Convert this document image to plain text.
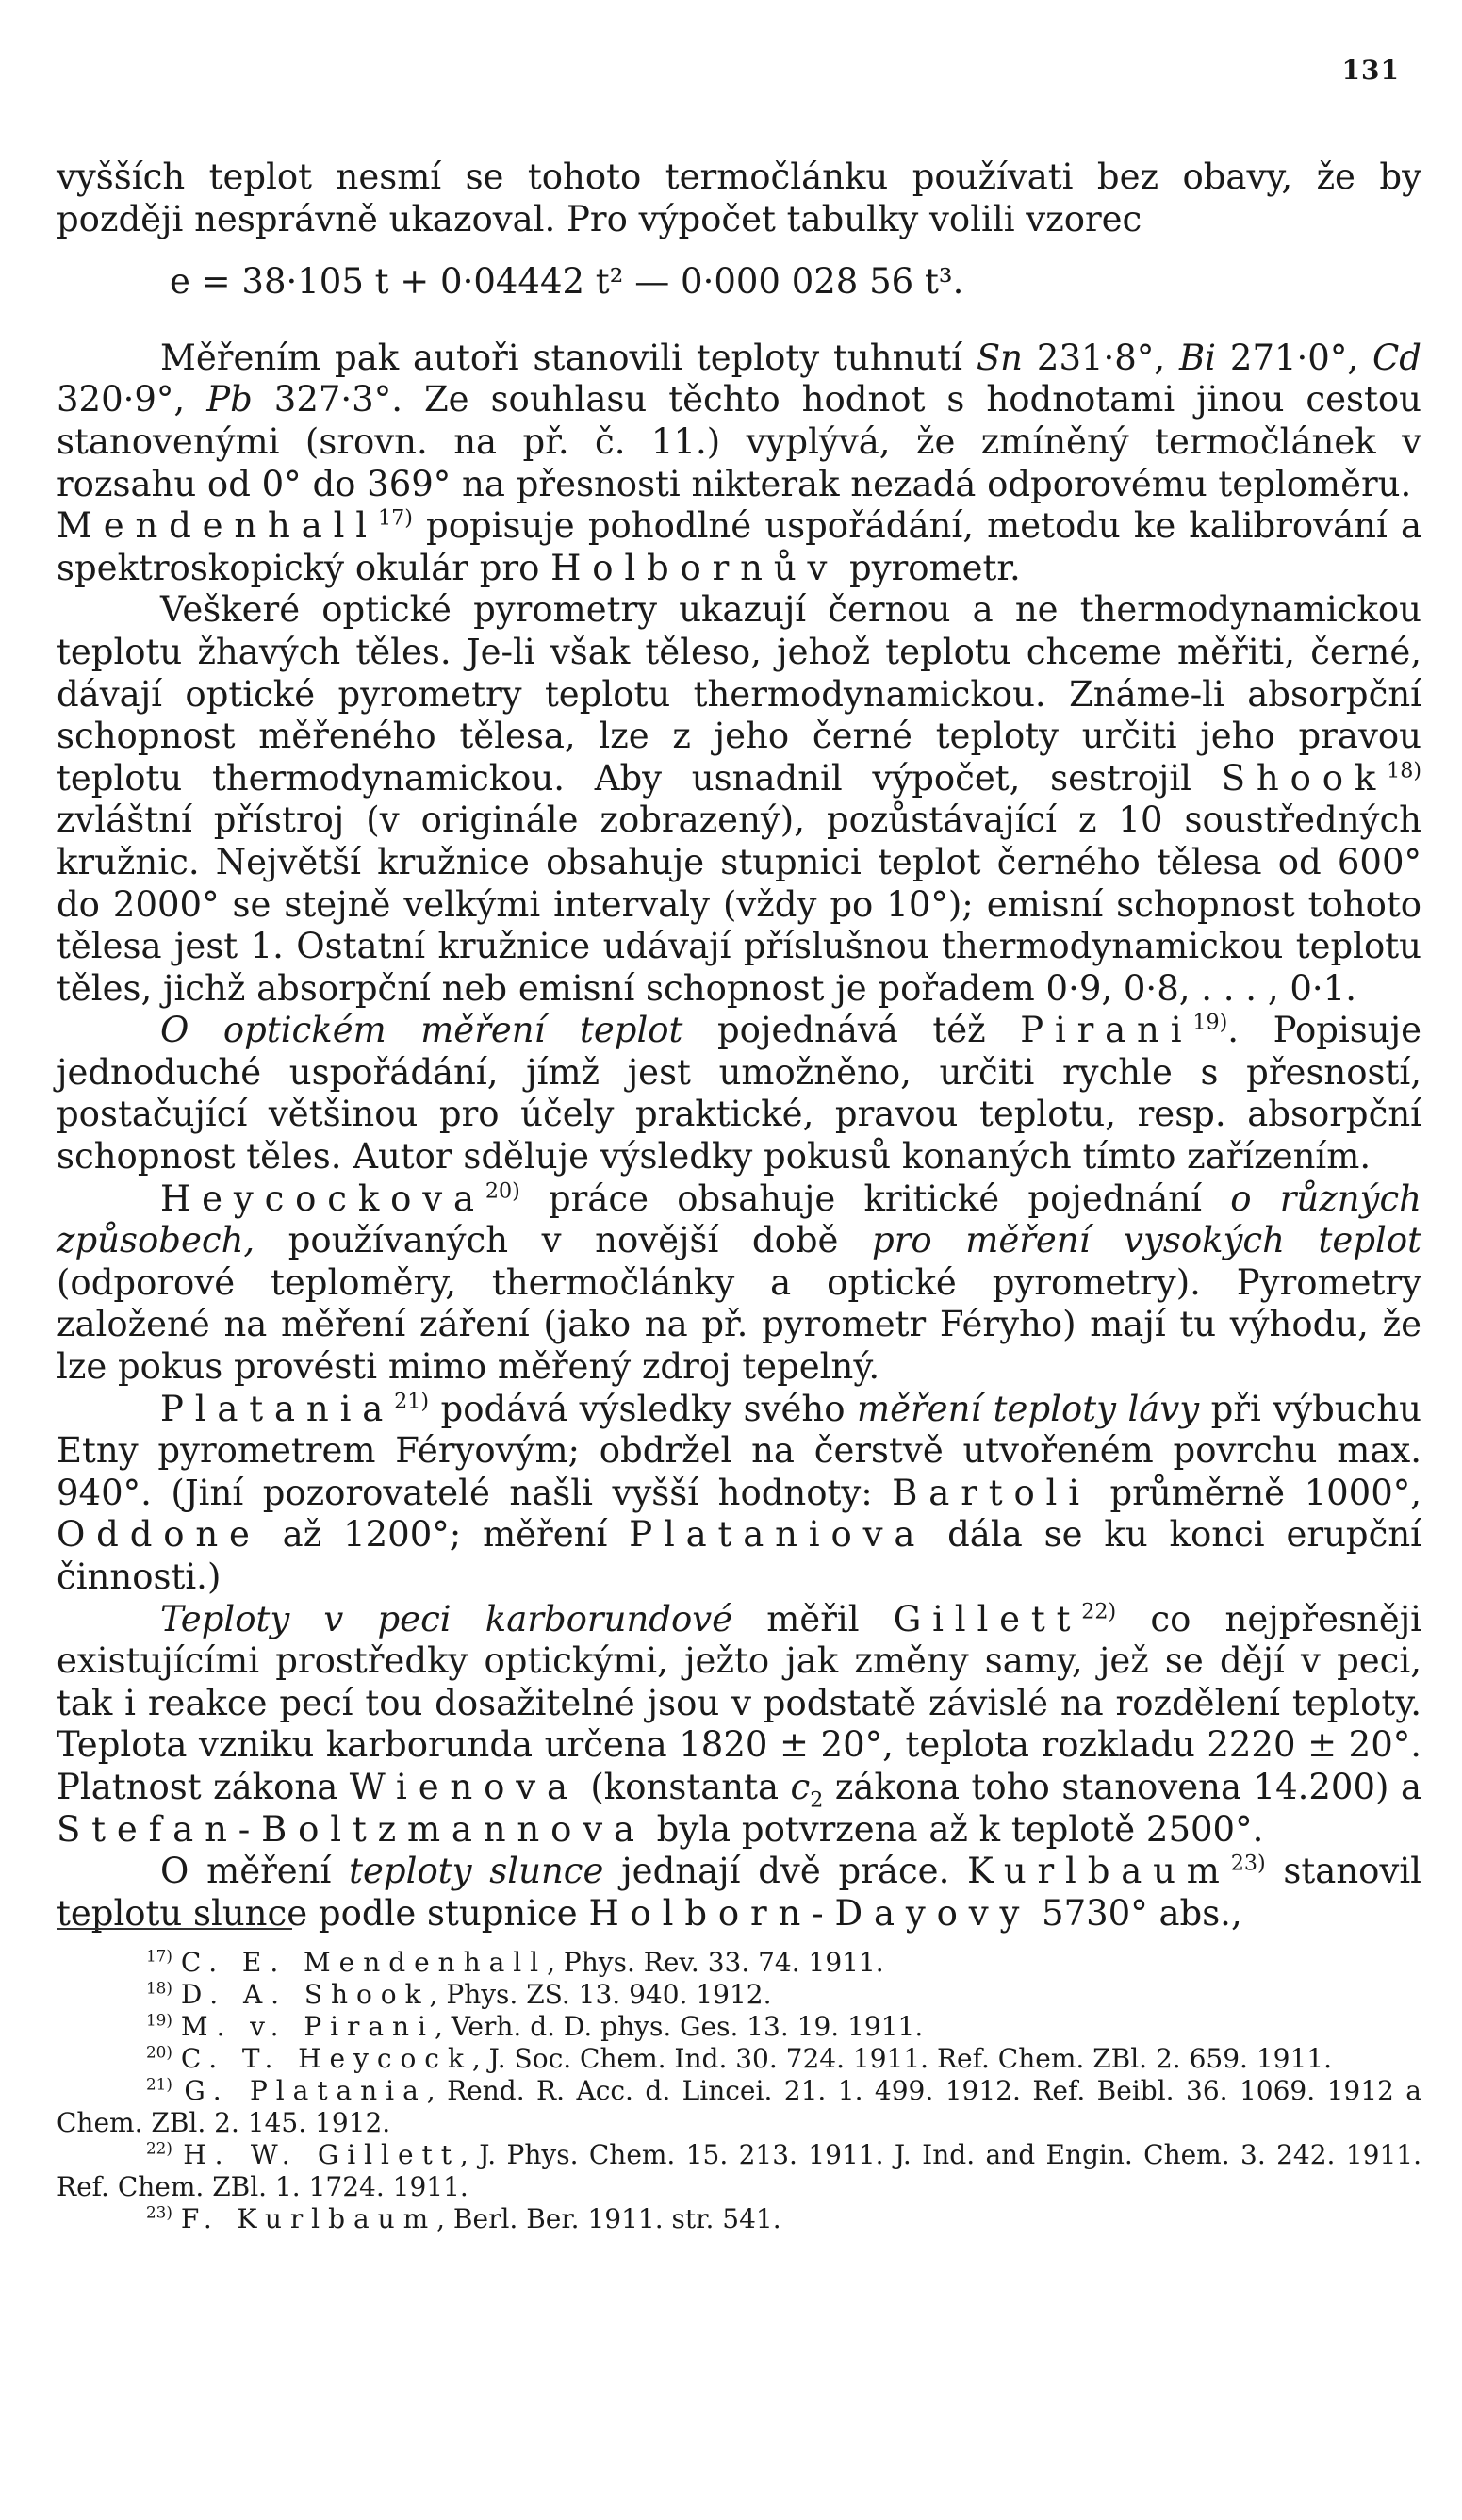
131

vyšších teplot nesmí se tohoto termočlánku používati bez obavy, že by později nesprávně ukazoval. Pro výpočet tabulky volili vzorec

e = 38·105 t + 0·04442 t² — 0·000 028 56 t³.

Měřením pak autoři stanovili teploty tuhnutí Sn 231·8°, Bi 271·0°, Cd 320·9°, Pb 327·3°. Ze souhlasu těchto hodnot s hodnotami jinou cestou stanovenými (srovn. na př. č. 11.) vyplývá, že zmíněný termočlánek v rozsahu od 0° do 369° na přesnosti nikterak nezadá odporovému teploměru.

Mendenhall$^{17)}$ popisuje pohodlné uspořádání, metodu ke kalibrování a spektroskopický okulár pro Holbornův pyrometr.

Veškeré optické pyrometry ukazují černou a ne thermodynamickou teplotu žhavých těles. Je-li však těleso, jehož teplotu chceme měřiti, černé, dávají optické pyrometry teplotu thermodynamickou. Známe-li absorpční schopnost měřeného tělesa, lze z jeho černé teploty určiti jeho pravou teplotu thermodynamickou. Aby usnadnil výpočet, sestrojil Shook$^{18)}$ zvláštní přístroj (v originále zobrazený), pozůstávající z 10 soustředných kružnic. Největší kružnice obsahuje stupnici teplot černého tělesa od 600° do 2000° se stejně velkými intervaly (vždy po 10°); emisní schopnost tohoto tělesa jest 1. Ostatní kružnice udávají příslušnou thermodynamickou teplotu těles, jichž absorpční neb emisní schopnost je pořadem 0·9, 0·8, . . . , 0·1.

O optickém měření teplot pojednává též Pirani$^{19)}$. Popisuje jednoduché uspořádání, jímž jest umožněno, určiti rychle s přesností, postačující většinou pro účely praktické, pravou teplotu, resp. absorpční schopnost těles. Autor sděluje výsledky pokusů konaných tímto zařízením.

Heycockova$^{20)}$ práce obsahuje kritické pojednání o různých způsobech, používaných v novější době pro měření vysokých teplot (odporové teploměry, thermočlánky a optické pyrometry). Pyrometry založené na měření záření (jako na př. pyrometr Féryho) mají tu výhodu, že lze pokus provésti mimo měřený zdroj tepelný.

Platania$^{21)}$ podává výsledky svého měření teploty lávy při výbuchu Etny pyrometrem Féryovým; obdržel na čerstvě utvořeném povrchu max. 940°. (Jiní pozorovatelé našli vyšší hodnoty: Bartoli průměrně 1000°, Oddone až 1200°; měření Plataniova dála se ku konci erupční činnosti.)

Teploty v peci karborundové měřil Gillett$^{22)}$ co nejpřesněji existujícími prostředky optickými, ježto jak změny samy, jež se dějí v peci, tak i reakce pecí tou dosažitelné jsou v podstatě závislé na rozdělení teploty. Teplota vzniku karborunda určena 1820 ± 20°, teplota rozkladu 2220 ± 20°. Platnost zákona Wienova (konstanta $c_2$ zákona toho stanovena 14.200) a Stefan-Boltzmannova byla potvrzena až k teplotě 2500°.

O měření teploty slunce jednají dvě práce. Kurlbaum$^{23)}$ stanovil teplotu slunce podle stupnice Holborn-Dayovy 5730° abs.,

$^{17)}$ C. E. Mendenhall, Phys. Rev. 33. 74. 1911.

$^{18)}$ D. A. Shook, Phys. ZS. 13. 940. 1912.

$^{19)}$ M. v. Pirani, Verh. d. D. phys. Ges. 13. 19. 1911.

$^{20)}$ C. T. Heycock, J. Soc. Chem. Ind. 30. 724. 1911. Ref. Chem. ZBl. 2. 659. 1911.

$^{21)}$ G. Platania, Rend. R. Acc. d. Lincei. 21. 1. 499. 1912. Ref. Beibl. 36. 1069. 1912 a Chem. ZBl. 2. 145. 1912.

$^{22)}$ H. W. Gillett, J. Phys. Chem. 15. 213. 1911. J. Ind. and Engin. Chem. 3. 242. 1911. Ref. Chem. ZBl. 1. 1724. 1911.

$^{23)}$ F. Kurlbaum, Berl. Ber. 1911. str. 541.
